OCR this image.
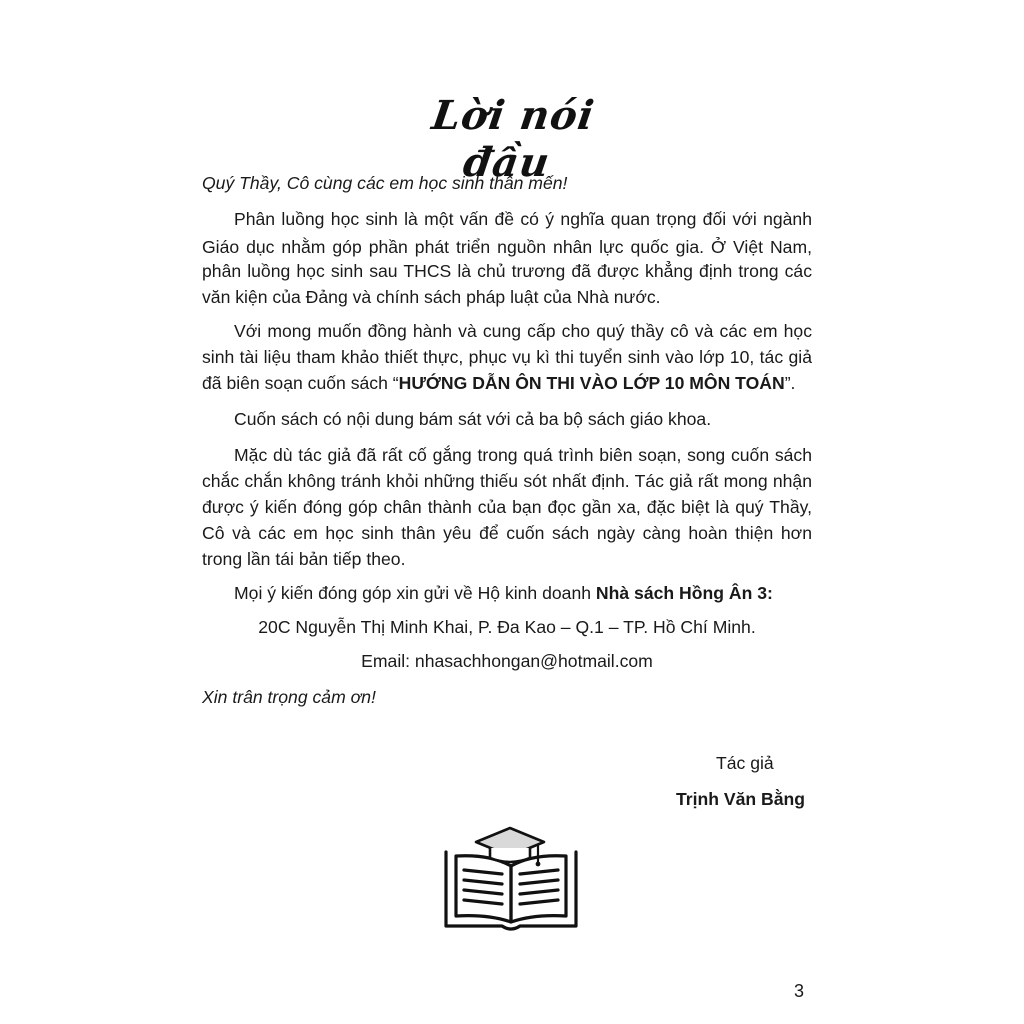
Lời nói đầu
Quý Thầy, Cô cùng các em học sinh thân mến!
Phân luồng học sinh là một vấn đề có ý nghĩa quan trọng đối với ngành
Giáo dục nhằm góp phần phát triển nguồn nhân lực quốc gia. Ở Việt Nam,
phân luồng học sinh sau THCS là chủ trương đã được khẳng định trong các
văn kiện của Đảng và chính sách pháp luật của Nhà nước.
Với mong muốn đồng hành và cung cấp cho quý thầy cô và các em học
sinh tài liệu tham khảo thiết thực, phục vụ kì thi tuyển sinh vào lớp 10, tác giả
đã biên soạn cuốn sách “HƯỚNG DẪN ÔN THI VÀO LỚP 10 MÔN TOÁN”.
Cuốn sách có nội dung bám sát với cả ba bộ sách giáo khoa.
Mặc dù tác giả đã rất cố gắng trong quá trình biên soạn, song cuốn sách
chắc chắn không tránh khỏi những thiếu sót nhất định. Tác giả rất mong nhận
được ý kiến đóng góp chân thành của bạn đọc gần xa, đặc biệt là quý Thầy,
Cô và các em học sinh thân yêu để cuốn sách ngày càng hoàn thiện hơn
trong lần tái bản tiếp theo.
Mọi ý kiến đóng góp xin gửi về Hộ kinh doanh Nhà sách Hồng Ân 3:
20C Nguyễn Thị Minh Khai, P. Đa Kao – Q.1 – TP. Hồ Chí Minh.
Email: nhasachhongan@hotmail.com
Xin trân trọng cảm ơn!
Tác giả
Trịnh Văn Bằng
3
